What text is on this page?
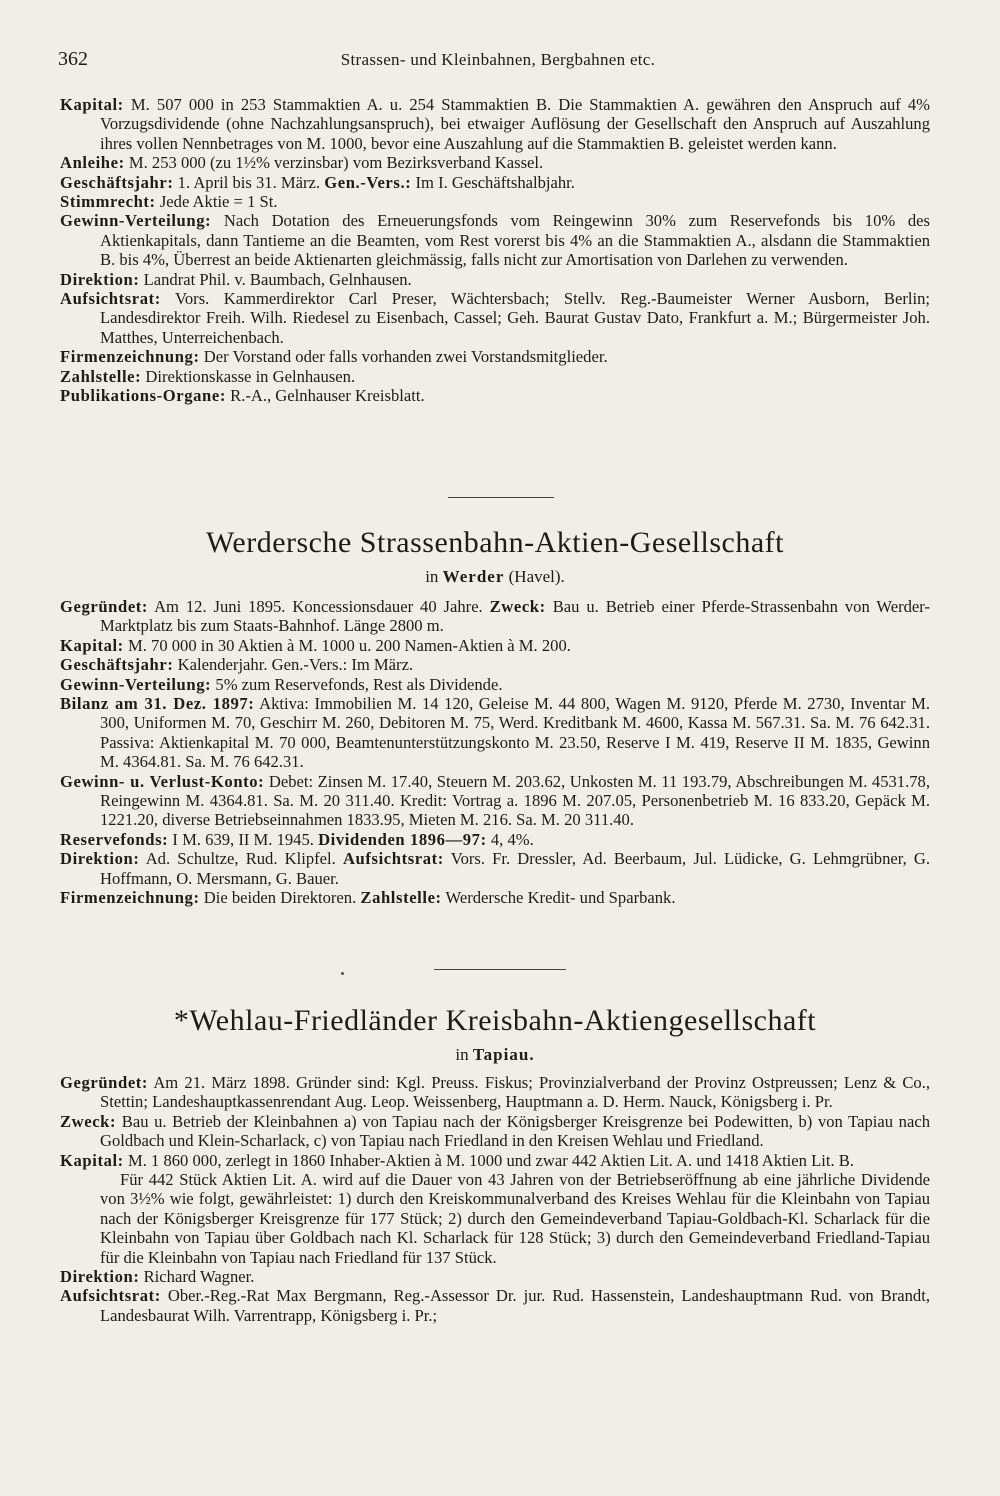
362	Strassen- und Kleinbahnen, Bergbahnen etc.

Kapital: M. 507 000 in 253 Stammaktien A. u. 254 Stammaktien B. Die Stammaktien A. gewähren den Anspruch auf 4% Vorzugsdividende (ohne Nachzahlungsanspruch), bei etwaiger Auflösung der Gesellschaft den Anspruch auf Auszahlung ihres vollen Nennbetrages von M. 1000, bevor eine Auszahlung auf die Stammaktien B. geleistet werden kann.

Anleihe: M. 253 000 (zu 1½% verzinsbar) vom Bezirksverband Kassel.

Geschäftsjahr: 1. April bis 31. März. Gen.-Vers.: Im I. Geschäftshalbjahr.

Stimmrecht: Jede Aktie = 1 St.

Gewinn-Verteilung: Nach Dotation des Erneuerungsfonds vom Reingewinn 30% zum Reservefonds bis 10% des Aktienkapitals, dann Tantieme an die Beamten, vom Rest vorerst bis 4% an die Stammaktien A., alsdann die Stammaktien B. bis 4%, Überrest an beide Aktienarten gleichmässig, falls nicht zur Amortisation von Darlehen zu verwenden.

Direktion: Landrat Phil. v. Baumbach, Gelnhausen.

Aufsichtsrat: Vors. Kammerdirektor Carl Preser, Wächtersbach; Stellv. Reg.-Baumeister Werner Ausborn, Berlin; Landesdirektor Freih. Wilh. Riedesel zu Eisenbach, Cassel; Geh. Baurat Gustav Dato, Frankfurt a. M.; Bürgermeister Joh. Matthes, Unterreichenbach.

Firmenzeichnung: Der Vorstand oder falls vorhanden zwei Vorstandsmitglieder.

Zahlstelle: Direktionskasse in Gelnhausen.

Publikations-Organe: R.-A., Gelnhauser Kreisblatt.

Werdersche Strassenbahn-Aktien-Gesellschaft
in Werder (Havel).

Gegründet: Am 12. Juni 1895. Koncessionsdauer 40 Jahre. Zweck: Bau u. Betrieb einer Pferde-Strassenbahn von Werder-Marktplatz bis zum Staats-Bahnhof. Länge 2800 m.

Kapital: M. 70 000 in 30 Aktien à M. 1000 u. 200 Namen-Aktien à M. 200.

Geschäftsjahr: Kalenderjahr. Gen.-Vers.: Im März.

Gewinn-Verteilung: 5% zum Reservefonds, Rest als Dividende.

Bilanz am 31. Dez. 1897: Aktiva: Immobilien M. 14 120, Geleise M. 44 800, Wagen M. 9120, Pferde M. 2730, Inventar M. 300, Uniformen M. 70, Geschirr M. 260, Debitoren M. 75, Werd. Kreditbank M. 4600, Kassa M. 567.31. Sa. M. 76 642.31. Passiva: Aktienkapital M. 70 000, Beamtenunterstützungskonto M. 23.50, Reserve I M. 419, Reserve II M. 1835, Gewinn M. 4364.81. Sa. M. 76 642.31.

Gewinn- u. Verlust-Konto: Debet: Zinsen M. 17.40, Steuern M. 203.62, Unkosten M. 11 193.79, Abschreibungen M. 4531.78, Reingewinn M. 4364.81. Sa. M. 20 311.40. Kredit: Vortrag a. 1896 M. 207.05, Personenbetrieb M. 16 833.20, Gepäck M. 1221.20, diverse Betriebseinnahmen 1833.95, Mieten M. 216. Sa. M. 20 311.40.

Reservefonds: I M. 639, II M. 1945. Dividenden 1896—97: 4, 4%.

Direktion: Ad. Schultze, Rud. Klipfel. Aufsichtsrat: Vors. Fr. Dressler, Ad. Beerbaum, Jul. Lüdicke, G. Lehmgrübner, G. Hoffmann, O. Mersmann, G. Bauer.

Firmenzeichnung: Die beiden Direktoren. Zahlstelle: Werdersche Kredit- und Sparbank.

*Wehlau-Friedländer Kreisbahn-Aktiengesellschaft
in Tapiau.

Gegründet: Am 21. März 1898. Gründer sind: Kgl. Preuss. Fiskus; Provinzialverband der Provinz Ostpreussen; Lenz & Co., Stettin; Landeshauptkassenrendant Aug. Leop. Weissenberg, Hauptmann a. D. Herm. Nauck, Königsberg i. Pr.

Zweck: Bau u. Betrieb der Kleinbahnen a) von Tapiau nach der Königsberger Kreisgrenze bei Podewitten, b) von Tapiau nach Goldbach und Klein-Scharlack, c) von Tapiau nach Friedland in den Kreisen Wehlau und Friedland.

Kapital: M. 1 860 000, zerlegt in 1860 Inhaber-Aktien à M. 1000 und zwar 442 Aktien Lit. A. und 1418 Aktien Lit. B.

Für 442 Stück Aktien Lit. A. wird auf die Dauer von 43 Jahren von der Betriebseröffnung ab eine jährliche Dividende von 3½% wie folgt, gewährleistet: 1) durch den Kreiskommunalverband des Kreises Wehlau für die Kleinbahn von Tapiau nach der Königsberger Kreisgrenze für 177 Stück; 2) durch den Gemeindeverband Tapiau-Goldbach-Kl. Scharlack für die Kleinbahn von Tapiau über Goldbach nach Kl. Scharlack für 128 Stück; 3) durch den Gemeindeverband Friedland-Tapiau für die Kleinbahn von Tapiau nach Friedland für 137 Stück.

Direktion: Richard Wagner.

Aufsichtsrat: Ober.-Reg.-Rat Max Bergmann, Reg.-Assessor Dr. jur. Rud. Hassenstein, Landeshauptmann Rud. von Brandt, Landesbaurat Wilh. Varrentrapp, Königsberg i. Pr.;
